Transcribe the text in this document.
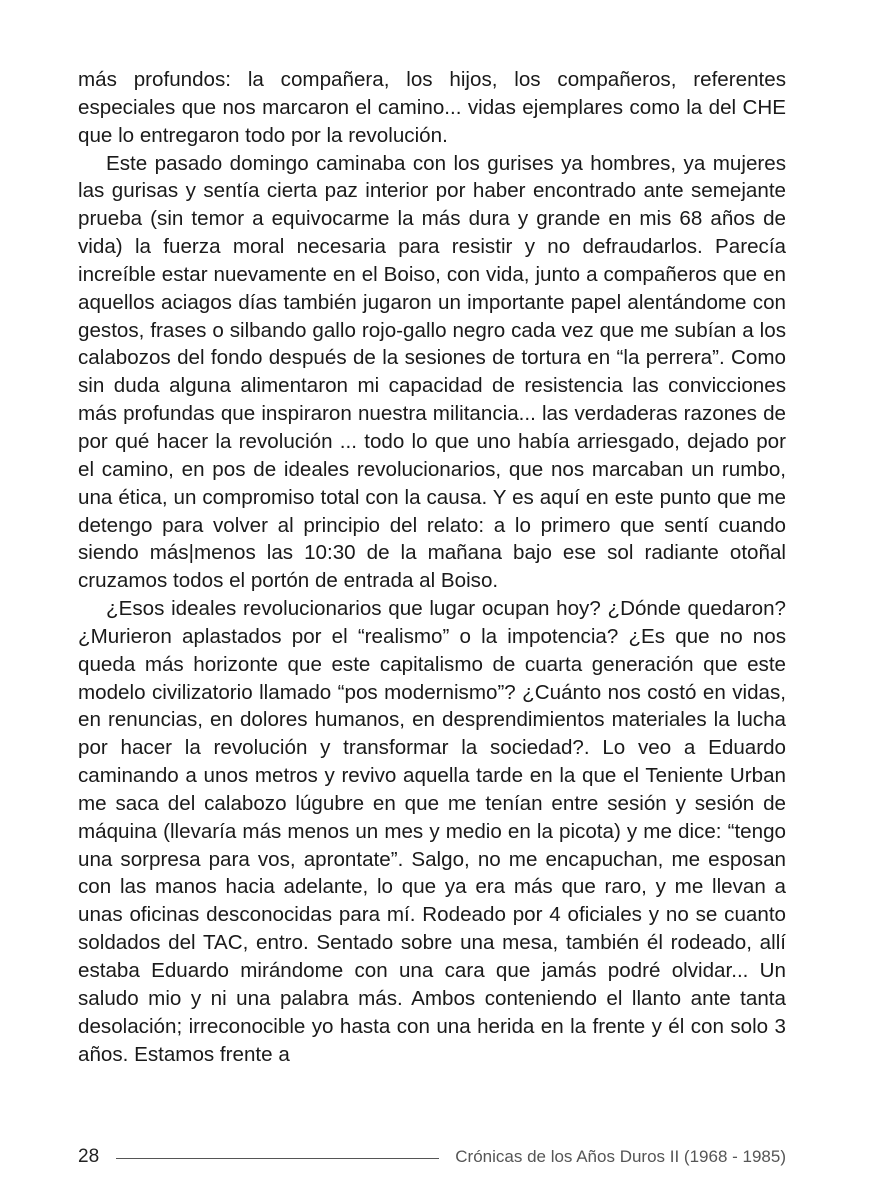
más profundos: la compañera, los hijos, los compañeros, referentes especiales que nos marcaron el camino... vidas ejemplares como la del CHE que lo entregaron todo por la revolución.

Este pasado domingo caminaba con los gurises ya hombres, ya mujeres las gurisas y sentía cierta paz interior por haber encontrado ante semejante prueba (sin temor a equivocarme la más dura y grande en mis 68 años de vida) la fuerza moral necesaria para resistir y no defraudarlos. Parecía increíble estar nuevamente en el Boiso, con vida, junto a compañeros que en aquellos aciagos días también jugaron un importante papel alentándome con gestos, frases o silbando gallo rojo-gallo negro cada vez que me subían a los calabozos del fondo después de la sesiones de tortura en “la perrera”. Como sin duda alguna alimentaron mi capacidad de resistencia las convicciones más profundas que inspiraron nuestra militancia... las verdaderas razones de por qué hacer la revolución ... todo lo que uno había arriesgado, dejado por el camino, en pos de ideales revolucionarios, que nos marcaban un rumbo, una ética, un compromiso total con la causa. Y es aquí en este punto que me detengo para volver al principio del relato: a lo primero que sentí cuando siendo más|menos las 10:30 de la mañana bajo ese sol radiante otoñal cruzamos todos el portón de entrada al Boiso.

¿Esos ideales revolucionarios que lugar ocupan hoy? ¿Dónde quedaron? ¿Murieron aplastados por el “realismo” o la impotencia? ¿Es que no nos queda más horizonte que este capitalismo de cuarta generación que este modelo civilizatorio llamado “pos modernismo”? ¿Cuánto nos costó en vidas, en renuncias, en dolores humanos, en desprendimientos materiales la lucha por hacer la revolución y transformar la sociedad?. Lo veo a Eduardo caminando a unos metros y revivo aquella tarde en la que el Teniente Urban me saca del calabozo lúgubre en que me tenían entre sesión y sesión de máquina (llevaría más menos un mes y medio en la picota) y me dice: “tengo una sorpresa para vos, aprontate”. Salgo, no me encapuchan, me esposan con las manos hacia adelante, lo que ya era más que raro, y me llevan a unas oficinas desconocidas para mí. Rodeado por 4 oficiales y no se cuanto soldados del TAC, entro. Sentado sobre una mesa, también él rodeado, allí estaba Eduardo mirándome con una cara que jamás podré olvidar... Un saludo mio y ni una palabra más. Ambos conteniendo el llanto ante tanta desolación; irreconocible yo hasta con una herida en la frente y él con solo 3 años. Estamos frente a

28	Crónicas de los Años Duros II (1968 - 1985)
